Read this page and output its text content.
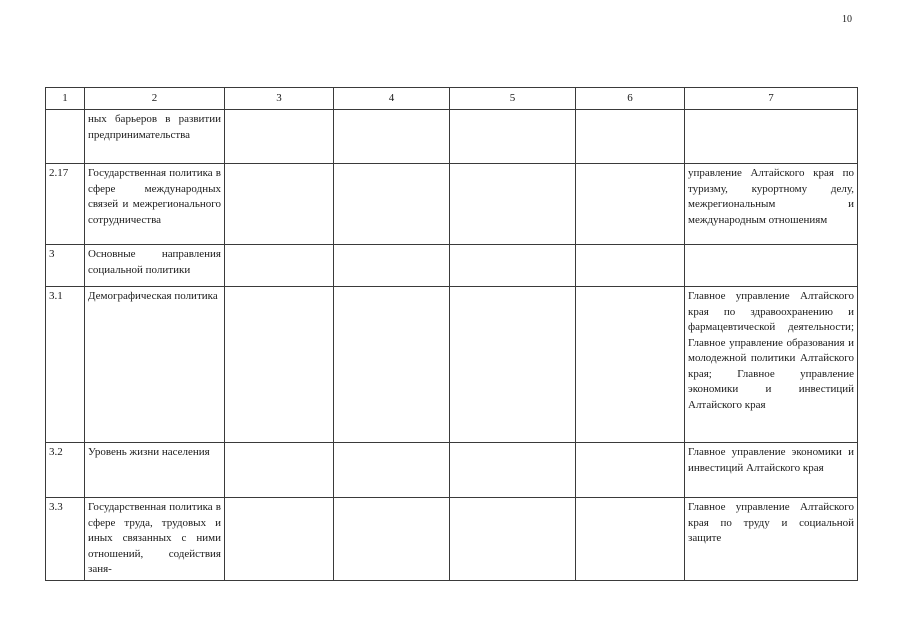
10
1	2	3	4	5	6	7
	ных барьеров в развитии предпринимательства					
2.17	Государственная политика в сфере международных связей и межрегионального сотрудничества					управление Алтайского края по туризму, курортному делу, межрегиональным и международным отношениям
3	Основные направления социальной политики					
3.1	Демографическая политика					Главное управление Алтайского края по здравоохранению и фармацевтической деятельности; Главное управление образования и молодежной политики Алтайского края; Главное управление экономики и инвестиций Алтайского края
3.2	Уровень жизни населения					Главное управление экономики и инвестиций Алтайского края
3.3	Государственная политика в сфере труда, трудовых и иных связанных с ними отношений, содействия заня-					Главное управление Алтайского края по труду и социальной защите
